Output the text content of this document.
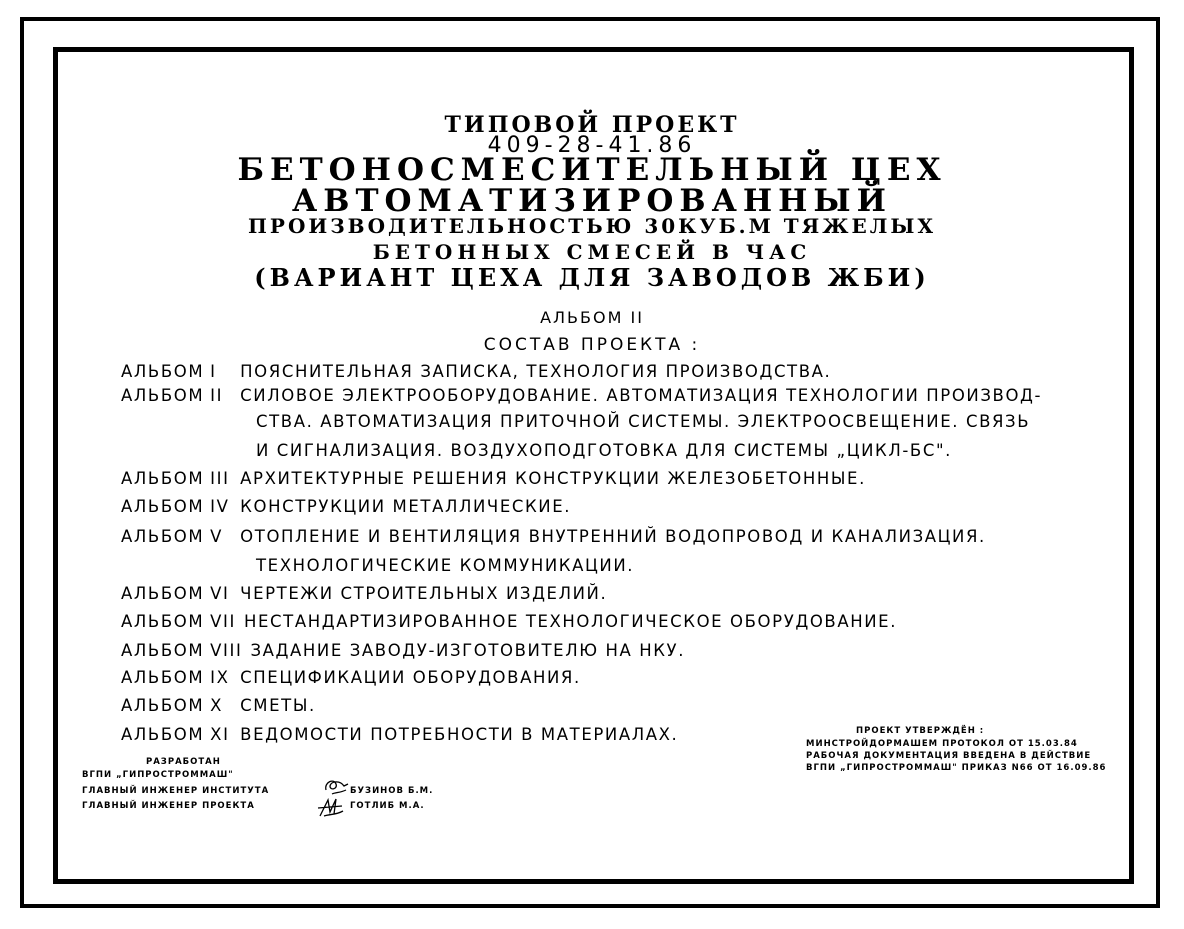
ТИПОВОЙ ПРОЕКТ
409-28-41.86
БЕТОНОСМЕСИТЕЛЬНЫЙ ЦЕХ
АВТОМАТИЗИРОВАННЫЙ
ПРОИЗВОДИТЕЛЬНОСТЬЮ 30КУБ.М ТЯЖЕЛЫХ
БЕТОННЫХ СМЕСЕЙ В ЧАС
(ВАРИАНТ ЦЕХА ДЛЯ ЗАВОДОВ ЖБИ)
АЛЬБОМ II
СОСТАВ ПРОЕКТА :
АЛЬБОМ I ПОЯСНИТЕЛЬНАЯ ЗАПИСКА, ТЕХНОЛОГИЯ ПРОИЗВОДСТВА.
АЛЬБОМ II СИЛОВОЕ ЭЛЕКТРООБОРУДОВАНИЕ. АВТОМАТИЗАЦИЯ ТЕХНОЛОГИИ ПРОИЗВОД-
СТВА. АВТОМАТИЗАЦИЯ ПРИТОЧНОЙ СИСТЕМЫ. ЭЛЕКТРООСВЕЩЕНИЕ. СВЯЗЬ
И СИГНАЛИЗАЦИЯ. ВОЗДУХОПОДГОТОВКА ДЛЯ СИСТЕМЫ „ЦИКЛ-БС".
АЛЬБОМ III АРХИТЕКТУРНЫЕ РЕШЕНИЯ КОНСТРУКЦИИ ЖЕЛЕЗОБЕТОННЫЕ.
АЛЬБОМ IV КОНСТРУКЦИИ МЕТАЛЛИЧЕСКИЕ.
АЛЬБОМ V ОТОПЛЕНИЕ И ВЕНТИЛЯЦИЯ ВНУТРЕННИЙ ВОДОПРОВОД И КАНАЛИЗАЦИЯ.
ТЕХНОЛОГИЧЕСКИЕ КОММУНИКАЦИИ.
АЛЬБОМ VI ЧЕРТЕЖИ СТРОИТЕЛЬНЫХ ИЗДЕЛИЙ.
АЛЬБОМ VII НЕСТАНДАРТИЗИРОВАННОЕ ТЕХНОЛОГИЧЕСКОЕ ОБОРУДОВАНИЕ.
АЛЬБОМ VIII ЗАДАНИЕ ЗАВОДУ-ИЗГОТОВИТЕЛЮ НА НКУ.
АЛЬБОМ IX СПЕЦИФИКАЦИИ ОБОРУДОВАНИЯ.
АЛЬБОМ X СМЕТЫ.
АЛЬБОМ XI ВЕДОМОСТИ ПОТРЕБНОСТИ В МАТЕРИАЛАХ.	ПРОЕКТ УТВЕРЖДЁН :
МИНСТРОЙДОРМАШЕМ ПРОТОКОЛ ОТ 15.03.84
РАБОЧАЯ ДОКУМЕНТАЦИЯ ВВЕДЕНА В ДЕЙСТВИЕ
ВГПИ „ГИПРОСТРОММАШ" ПРИКАЗ N66 ОТ 16.09.86
РАЗРАБОТАН
ВГПИ „ГИПРОСТРОММАШ"
ГЛАВНЫЙ ИНЖЕНЕР ИНСТИТУТА	БУЗИНОВ Б.М.
ГЛАВНЫЙ ИНЖЕНЕР ПРОЕКТА	ГОТЛИБ М.А.
